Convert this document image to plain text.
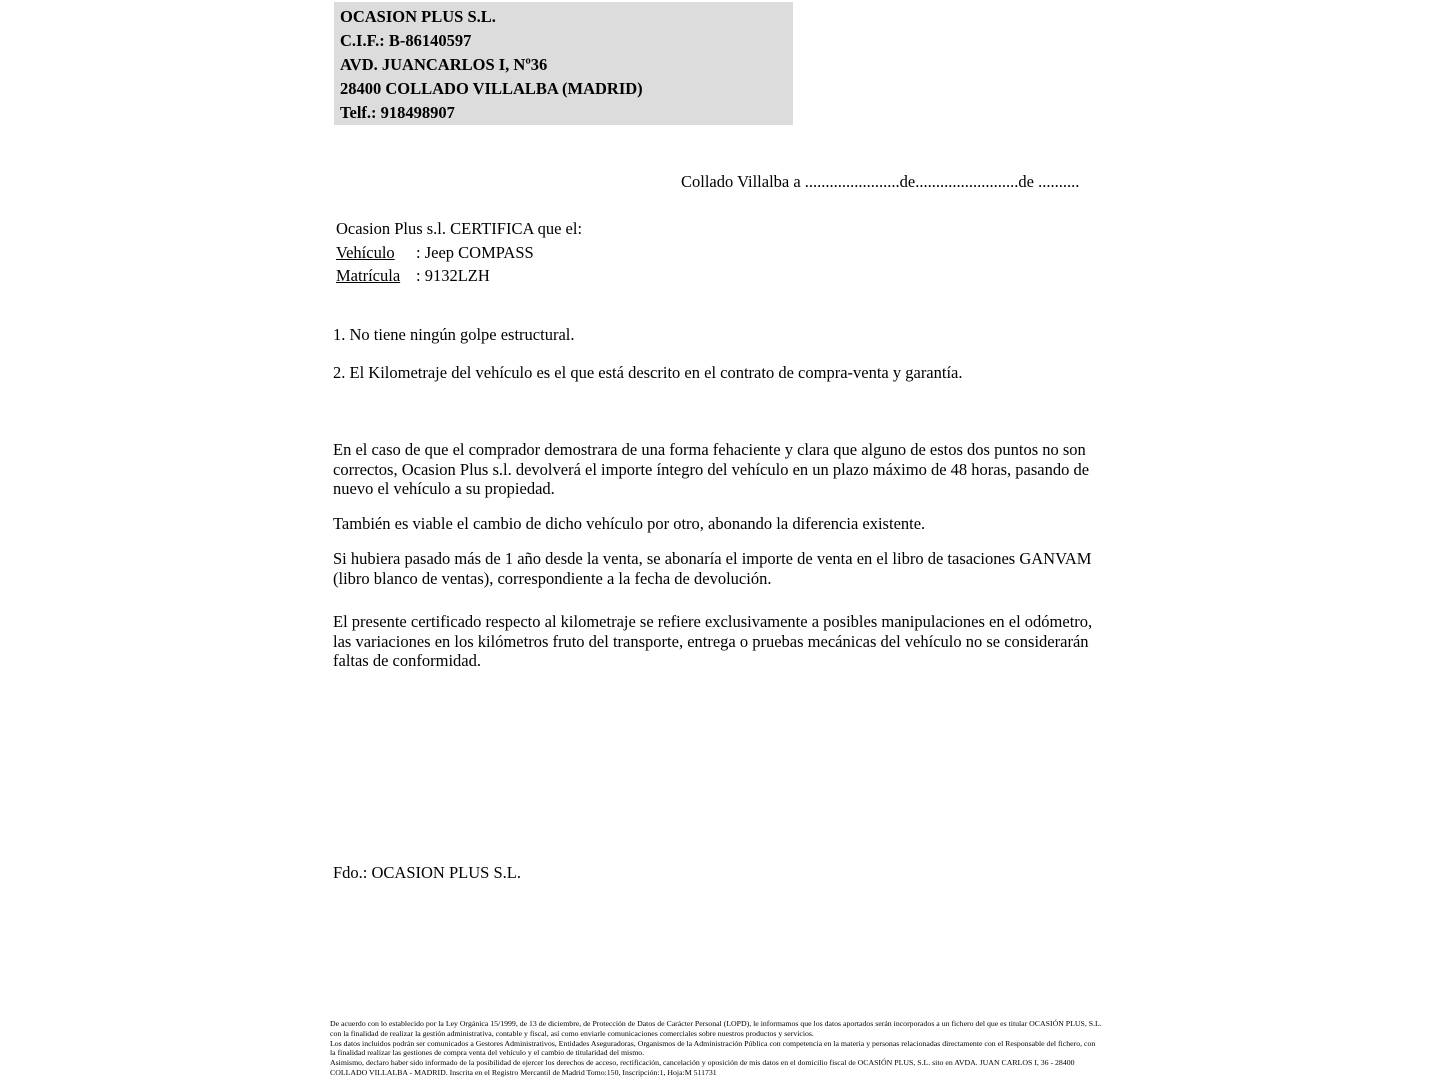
OCASION PLUS S.L.
C.I.F.: B-86140597
AVD. JUANCARLOS I, Nº36
28400 COLLADO VILLALBA (MADRID)
Telf.: 918498907
Collado Villalba a .......................de.........................de ..........
Ocasion Plus s.l. CERTIFICA que el:
Vehículo : Jeep COMPASS
Matrícula : 9132LZH
1. No tiene ningún golpe estructural.
2. El Kilometraje del vehículo es el que está descrito en el contrato de compra-venta y garantía.
En el caso de que el comprador demostrara de una forma fehaciente y clara que alguno de estos dos puntos no son correctos, Ocasion Plus s.l. devolverá el importe íntegro del vehículo en un plazo máximo de 48 horas, pasando de nuevo el vehículo a su propiedad.
También es viable el cambio de dicho vehículo por otro, abonando la diferencia existente.
Si hubiera pasado más de 1 año desde la venta, se abonaría el importe de venta en el libro de tasaciones GANVAM (libro blanco de ventas), correspondiente a la fecha de devolución.
El presente certificado respecto al kilometraje se refiere exclusivamente a posibles manipulaciones en el odómetro, las variaciones en los kilómetros fruto del transporte, entrega o pruebas mecánicas del vehículo no se considerarán faltas de conformidad.
Fdo.: OCASION PLUS S.L.

De acuerdo con lo establecido por la Ley Orgánica 15/1999, de 13 de diciembre, de Protección de Datos de Carácter Personal (LOPD), le informamos que los datos aportados serán incorporados a un fichero del que es titular OCASIÓN PLUS, S.L. con la finalidad de realizar la gestión administrativa, contable y fiscal, así como enviarle comunicaciones comerciales sobre nuestros productos y servicios.

Los datos incluidos podrán ser comunicados a Gestores Administrativos, Entidades Aseguradoras, Organismos de la Administración Pública con competencia en la materia y personas relacionadas directamente con el Responsable del fichero, con la finalidad realizar las gestiones de compra venta del vehículo y el cambio de titularidad del mismo.

Asimismo, declaro haber sido informado de la posibilidad de ejercer los derechos de acceso, rectificación, cancelación y oposición de mis datos en el domicilio fiscal de OCASIÓN PLUS, S.L. sito en AVDA. JUAN CARLOS I, 36 - 28400 COLLADO VILLALBA - MADRID. Inscrita en el Registro Mercantil de Madrid Tomo:150, Inscripción:1, Hoja:M 511731
